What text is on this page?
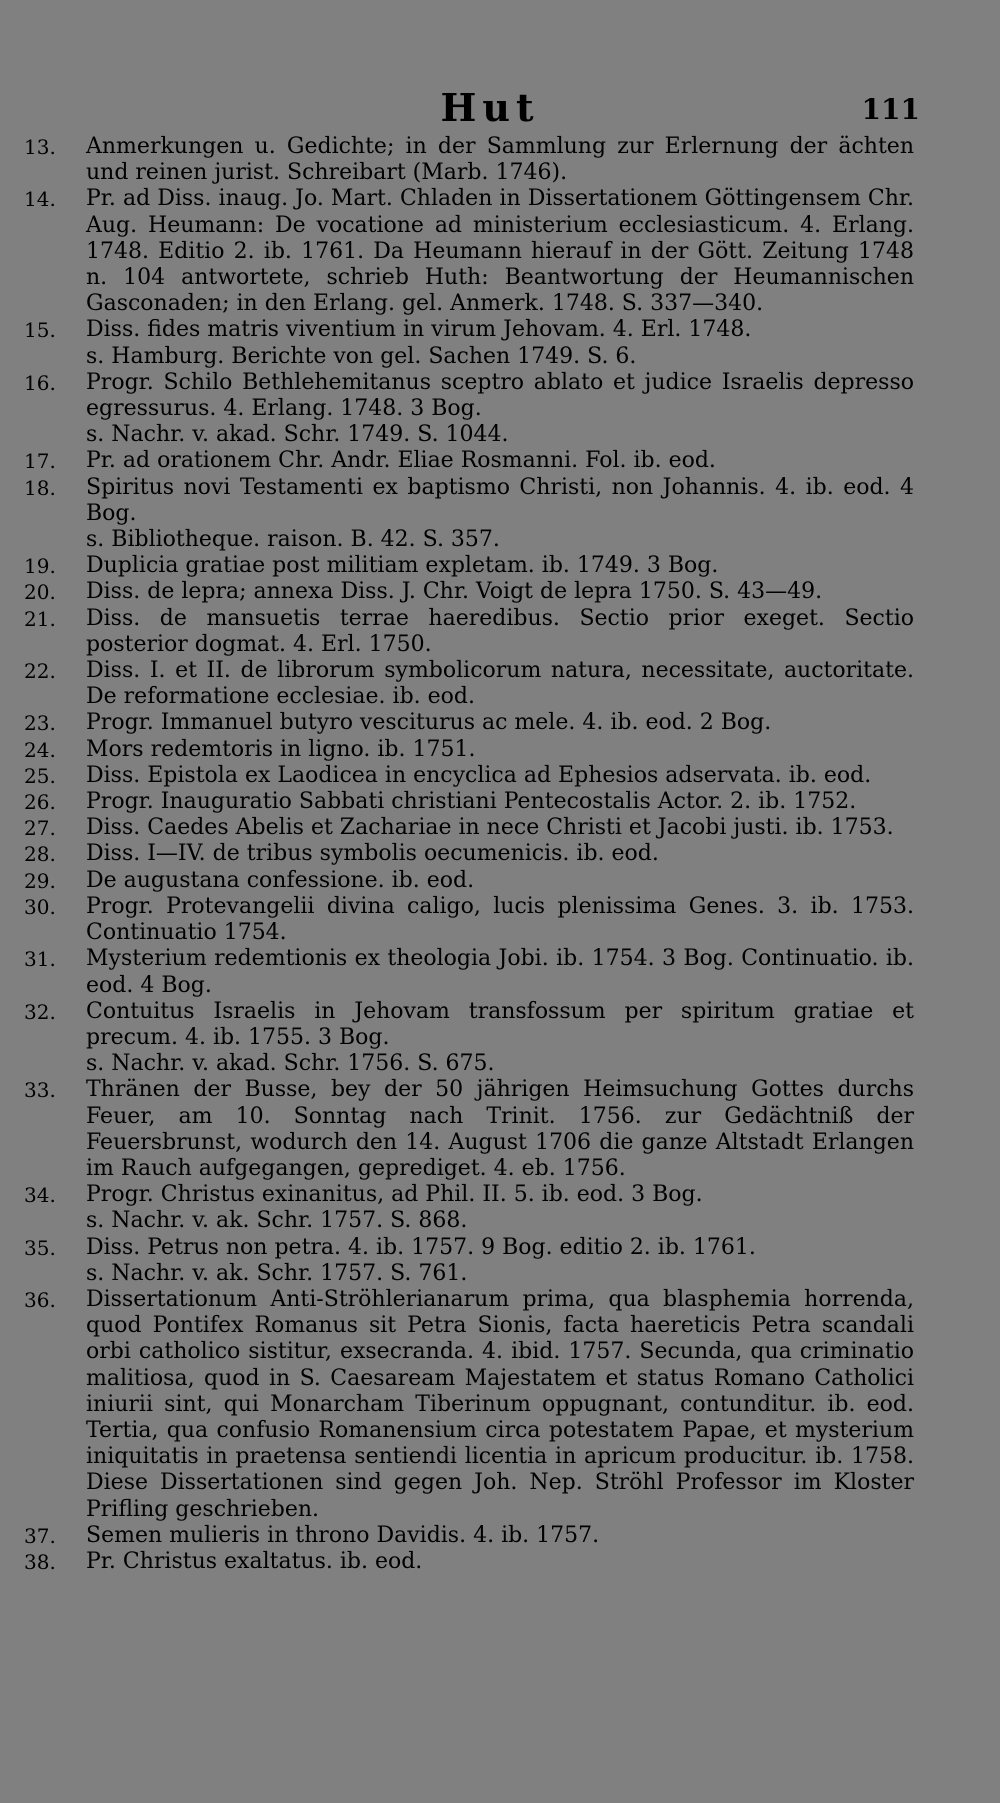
Hut	111
13.	Anmerkungen u. Gedichte; in der Sammlung zur Erlernung der ächten und reinen jurist. Schreibart (Marb. 1746).
14.	Pr. ad Diss. inaug. Jo. Mart. Chladen in Dissertationem Göttingensem Chr. Aug. Heumann: De vocatione ad ministerium ecclesiasticum. 4. Erlang. 1748. Editio 2. ib. 1761. Da Heumann hierauf in der Gött. Zeitung 1748 n. 104 antwortete, schrieb Huth: Beantwortung der Heumannischen Gasconaden; in den Erlang. gel. Anmerk. 1748. S. 337—340.
15.	Diss. fides matris viventium in virum Jehovam. 4. Erl. 1748.
s. Hamburg. Berichte von gel. Sachen 1749. S. 6.
16.	Progr. Schilo Bethlehemitanus sceptro ablato et judice Israelis depresso egressurus. 4. Erlang. 1748. 3 Bog.
s. Nachr. v. akad. Schr. 1749. S. 1044.
17.	Pr. ad orationem Chr. Andr. Eliae Rosmanni. Fol. ib. eod.
18.	Spiritus novi Testamenti ex baptismo Christi, non Johannis. 4. ib. eod. 4 Bog.
s. Bibliotheque. raison. B. 42. S. 357.
19.	Duplicia gratiae post militiam expletam. ib. 1749. 3 Bog.
20.	Diss. de lepra; annexa Diss. J. Chr. Voigt de lepra 1750. S. 43—49.
21.	Diss. de mansuetis terrae haeredibus. Sectio prior exeget. Sectio posterior dogmat. 4. Erl. 1750.
22.	Diss. I. et II. de librorum symbolicorum natura, necessitate, auctoritate. De reformatione ecclesiae. ib. eod.
23.	Progr. Immanuel butyro vesciturus ac mele. 4. ib. eod. 2 Bog.
24.	Mors redemtoris in ligno. ib. 1751.
25.	Diss. Epistola ex Laodicea in encyclica ad Ephesios adservata. ib. eod.
26.	Progr. Inauguratio Sabbati christiani Pentecostalis Actor. 2. ib. 1752.
27.	Diss. Caedes Abelis et Zachariae in nece Christi et Jacobi justi. ib. 1753.
28.	Diss. I—IV. de tribus symbolis oecumenicis. ib. eod.
29.	De augustana confessione. ib. eod.
30.	Progr. Protevangelii divina caligo, lucis plenissima Genes. 3. ib. 1753. Continuatio 1754.
31.	Mysterium redemtionis ex theologia Jobi. ib. 1754. 3 Bog. Continuatio. ib. eod. 4 Bog.
32.	Contuitus Israelis in Jehovam transfossum per spiritum gratiae et precum. 4. ib. 1755. 3 Bog.
s. Nachr. v. akad. Schr. 1756. S. 675.
33.	Thränen der Busse, bey der 50 jährigen Heimsuchung Gottes durchs Feuer, am 10. Sonntag nach Trinit. 1756. zur Gedächtniß der Feuersbrunst, wodurch den 14. August 1706 die ganze Altstadt Erlangen im Rauch aufgegangen, geprediget. 4. eb. 1756.
34.	Progr. Christus exinanitus, ad Phil. II. 5. ib. eod. 3 Bog.
s. Nachr. v. ak. Schr. 1757. S. 868.
35.	Diss. Petrus non petra. 4. ib. 1757. 9 Bog. editio 2. ib. 1761.
s. Nachr. v. ak. Schr. 1757. S. 761.
36.	Dissertationum Anti-Ströhlerianarum prima, qua blasphemia horrenda, quod Pontifex Romanus sit Petra Sionis, facta haereticis Petra scandali orbi catholico sistitur, exsecranda. 4. ibid. 1757. Secunda, qua criminatio malitiosa, quod in S. Caesaream Majestatem et status Romano Catholici iniurii sint, qui Monarcham Tiberinum oppugnant, contunditur. ib. eod. Tertia, qua confusio Romanensium circa potestatem Papae, et mysterium iniquitatis in praetensa sentiendi licentia in apricum producitur. ib. 1758. Diese Dissertationen sind gegen Joh. Nep. Ströhl Professor im Kloster Prifling geschrieben.
37.	Semen mulieris in throno Davidis. 4. ib. 1757.
38.	Pr. Christus exaltatus. ib. eod.
